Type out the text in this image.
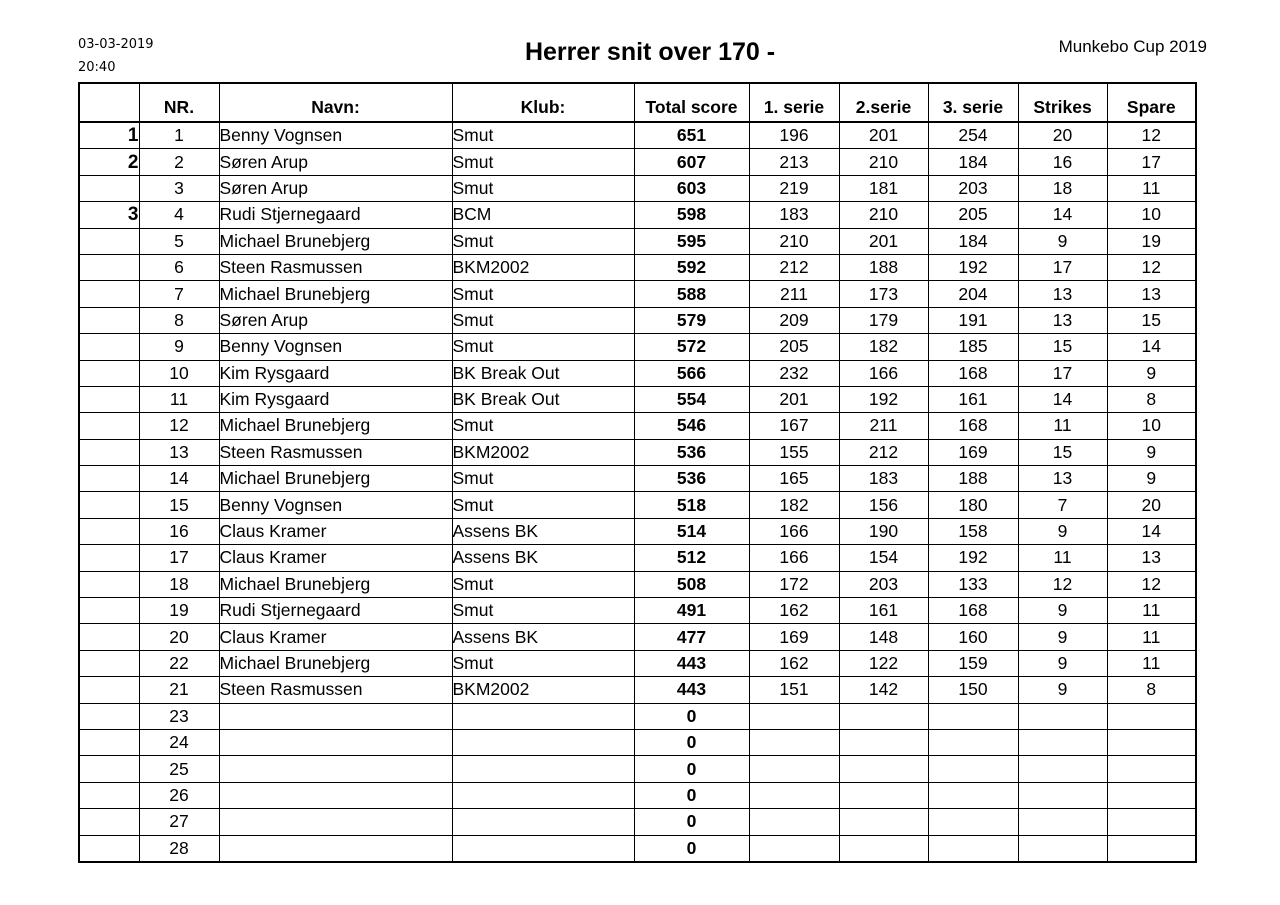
03-03-2019
20:40
Herrer snit over 170 -	Munkebo Cup 2019
	NR.	Navn:	Klub:	Total score	1. serie	2.serie	3. serie	Strikes	Spare
1	1	Benny Vognsen	Smut	651	196	201	254	20	12
2	2	Søren Arup	Smut	607	213	210	184	16	17
	3	Søren Arup	Smut	603	219	181	203	18	11
3	4	Rudi Stjernegaard	BCM	598	183	210	205	14	10
	5	Michael Brunebjerg	Smut	595	210	201	184	9	19
	6	Steen Rasmussen	BKM2002	592	212	188	192	17	12
	7	Michael Brunebjerg	Smut	588	211	173	204	13	13
	8	Søren Arup	Smut	579	209	179	191	13	15
	9	Benny Vognsen	Smut	572	205	182	185	15	14
	10	Kim Rysgaard	BK Break Out	566	232	166	168	17	9
	11	Kim Rysgaard	BK Break Out	554	201	192	161	14	8
	12	Michael Brunebjerg	Smut	546	167	211	168	11	10
	13	Steen Rasmussen	BKM2002	536	155	212	169	15	9
	14	Michael Brunebjerg	Smut	536	165	183	188	13	9
	15	Benny Vognsen	Smut	518	182	156	180	7	20
	16	Claus Kramer	Assens BK	514	166	190	158	9	14
	17	Claus Kramer	Assens BK	512	166	154	192	11	13
	18	Michael Brunebjerg	Smut	508	172	203	133	12	12
	19	Rudi Stjernegaard	Smut	491	162	161	168	9	11
	20	Claus Kramer	Assens BK	477	169	148	160	9	11
	22	Michael Brunebjerg	Smut	443	162	122	159	9	11
	21	Steen Rasmussen	BKM2002	443	151	142	150	9	8
	23			0					
	24			0					
	25			0					
	26			0					
	27			0					
	28			0					
